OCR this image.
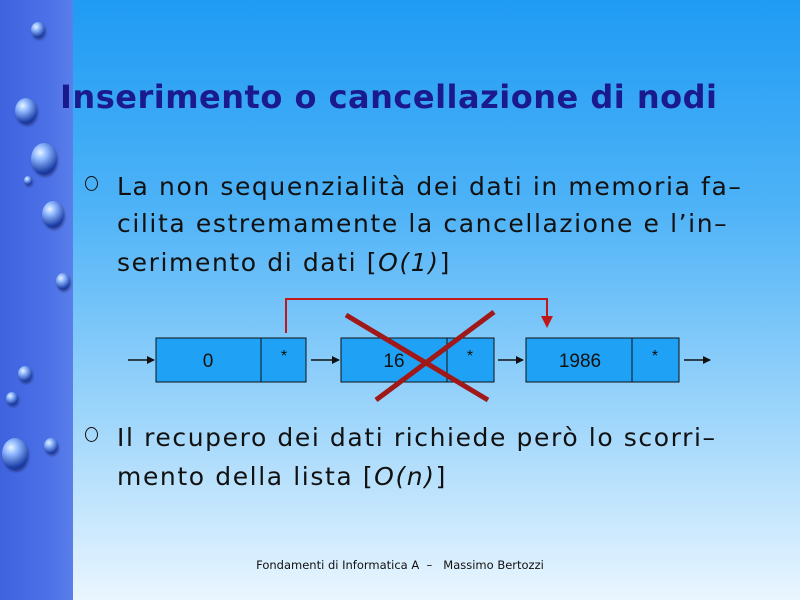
Inserimento o cancellazione di nodi
La non sequenzialità dei dati in memoria fa–
cilita estremamente la cancellazione e l’in–
serimento di dati [O(1)]
0	*	16	*	1986	*
Il recupero dei dati richiede però lo scorri–
mento della lista [O(n)]
Fondamenti di Informatica A  –   Massimo Bertozzi
